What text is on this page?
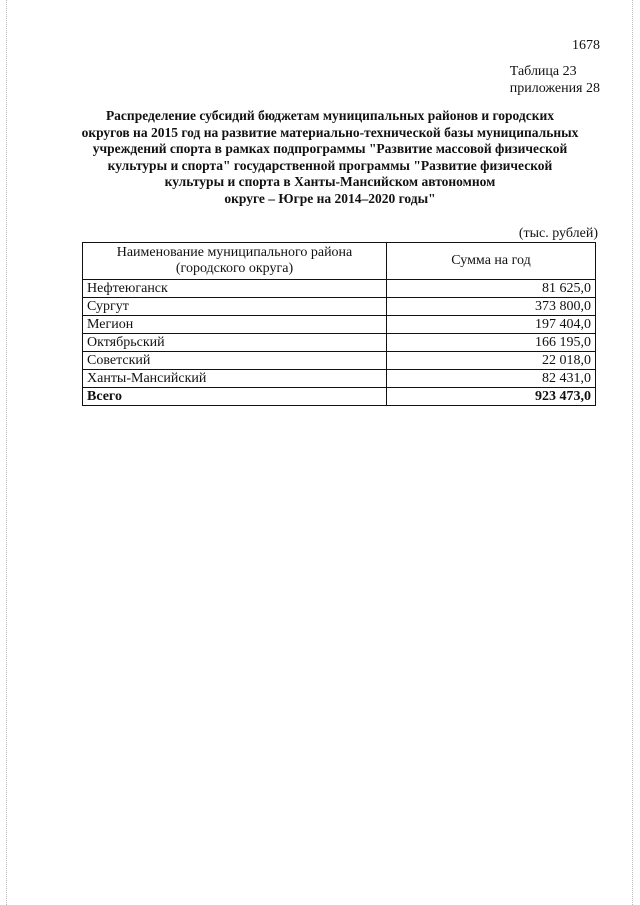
1678
Таблица 23
приложения 28
Распределение субсидий бюджетам муниципальных районов и городских
округов на 2015 год на развитие материально-технической базы муниципальных
учреждений спорта в рамках подпрограммы "Развитие массовой физической
культуры и спорта" государственной программы "Развитие физической
культуры и спорта в Ханты-Мансийском автономном
округе – Югре на 2014–2020 годы"
(тыс. рублей)
Наименование муниципального района
(городского округа)	Сумма на год
Нефтеюганск	81 625,0
Сургут	373 800,0
Мегион	197 404,0
Октябрьский	166 195,0
Советский	22 018,0
Ханты-Мансийский	82 431,0
Всего	923 473,0
